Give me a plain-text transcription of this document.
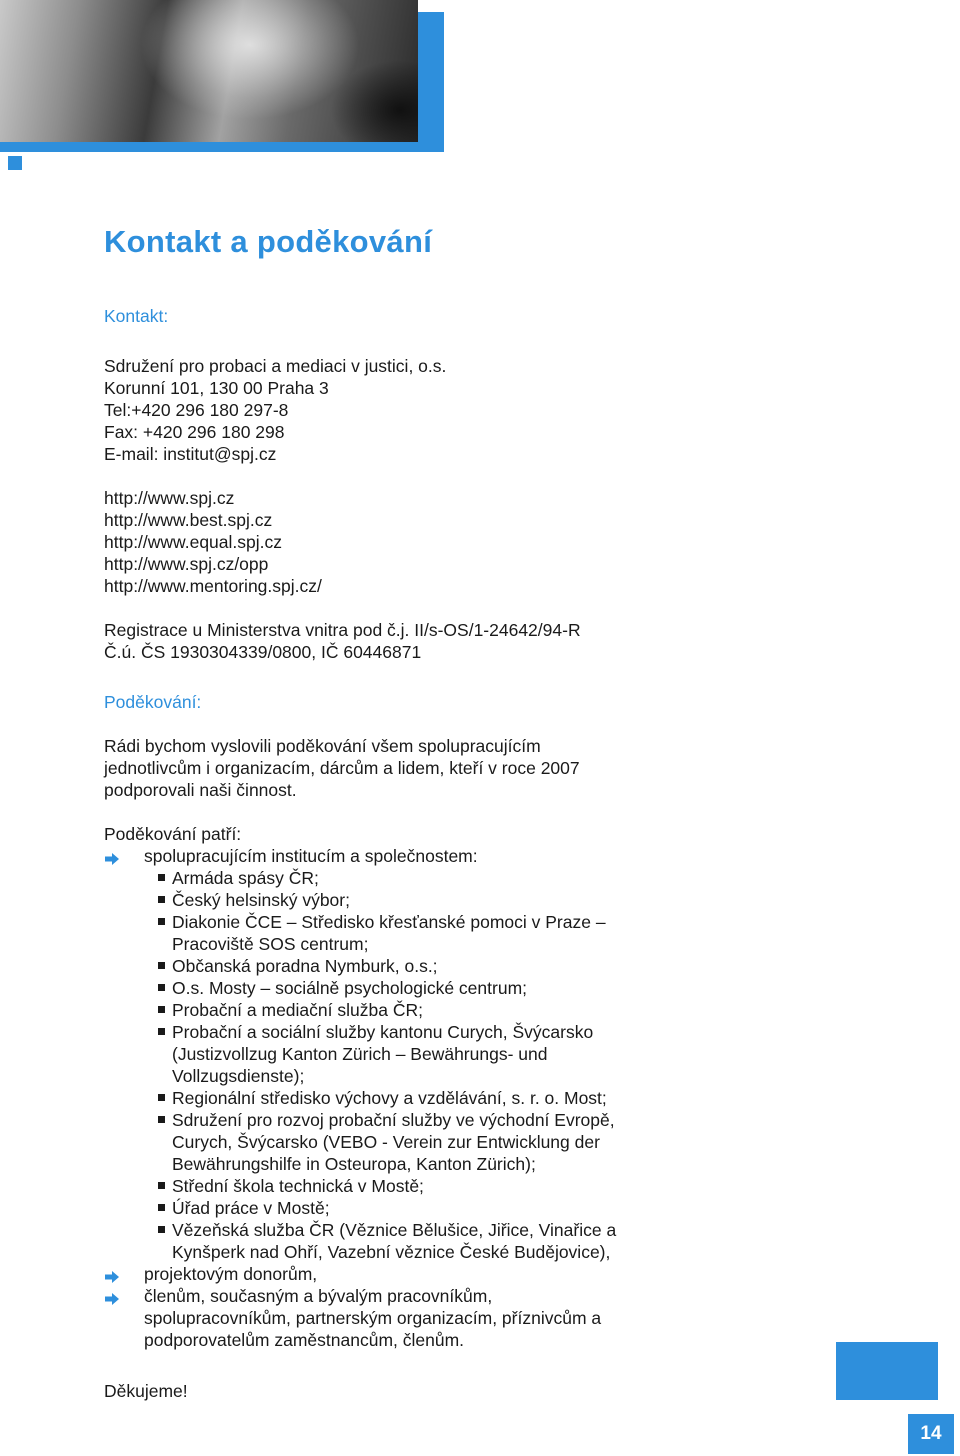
Kontakt a poděkování

Kontakt:

Sdružení pro probaci a mediaci v justici, o.s.
Korunní 101, 130 00 Praha 3
Tel:+420 296 180 297-8
Fax: +420 296 180 298
E-mail: institut@spj.cz
http://www.spj.cz
http://www.best.spj.cz
http://www.equal.spj.cz
http://www.spj.cz/opp
http://www.mentoring.spj.cz/
Registrace u Ministerstva vnitra pod č.j. II/s-OS/1-24642/94-R
Č.ú. ČS 1930304339/0800, IČ 60446871

Poděkování:

Rádi bychom vyslovili poděkování všem spolupracujícím
jednotlivcům i organizacím, dárcům a lidem, kteří v roce 2007
podporovali naši činnost.
Poděkování patří:
spolupracujícím institucím a společnostem:
Armáda spásy ČR;
Český helsinský výbor;
Diakonie ČCE – Středisko křesťanské pomoci v Praze –
Pracoviště SOS centrum;
Občanská poradna Nymburk, o.s.;
O.s. Mosty – sociálně psychologické centrum;
Probační a mediační služba ČR;
Probační a sociální služby kantonu Curych, Švýcarsko
(Justizvollzug Kanton Zürich – Bewährungs- und
Vollzugsdienste);
Regionální středisko výchovy a vzdělávání, s. r. o. Most;
Sdružení pro rozvoj probační služby ve východní Evropě,
Curych, Švýcarsko (VEBO - Verein zur Entwicklung der
Bewährungshilfe in Osteuropa, Kanton Zürich);
Střední škola technická v Mostě;
Úřad práce v Mostě;
Vězeňská služba ČR (Věznice Bělušice, Jiřice, Vinařice a
Kynšperk nad Ohří, Vazební věznice České Budějovice),
projektovým donorům,
členům, současným a bývalým pracovníkům,
spolupracovníkům, partnerským organizacím, příznivcům a
podporovatelům zaměstnancům, členům.

Děkujeme!

14
